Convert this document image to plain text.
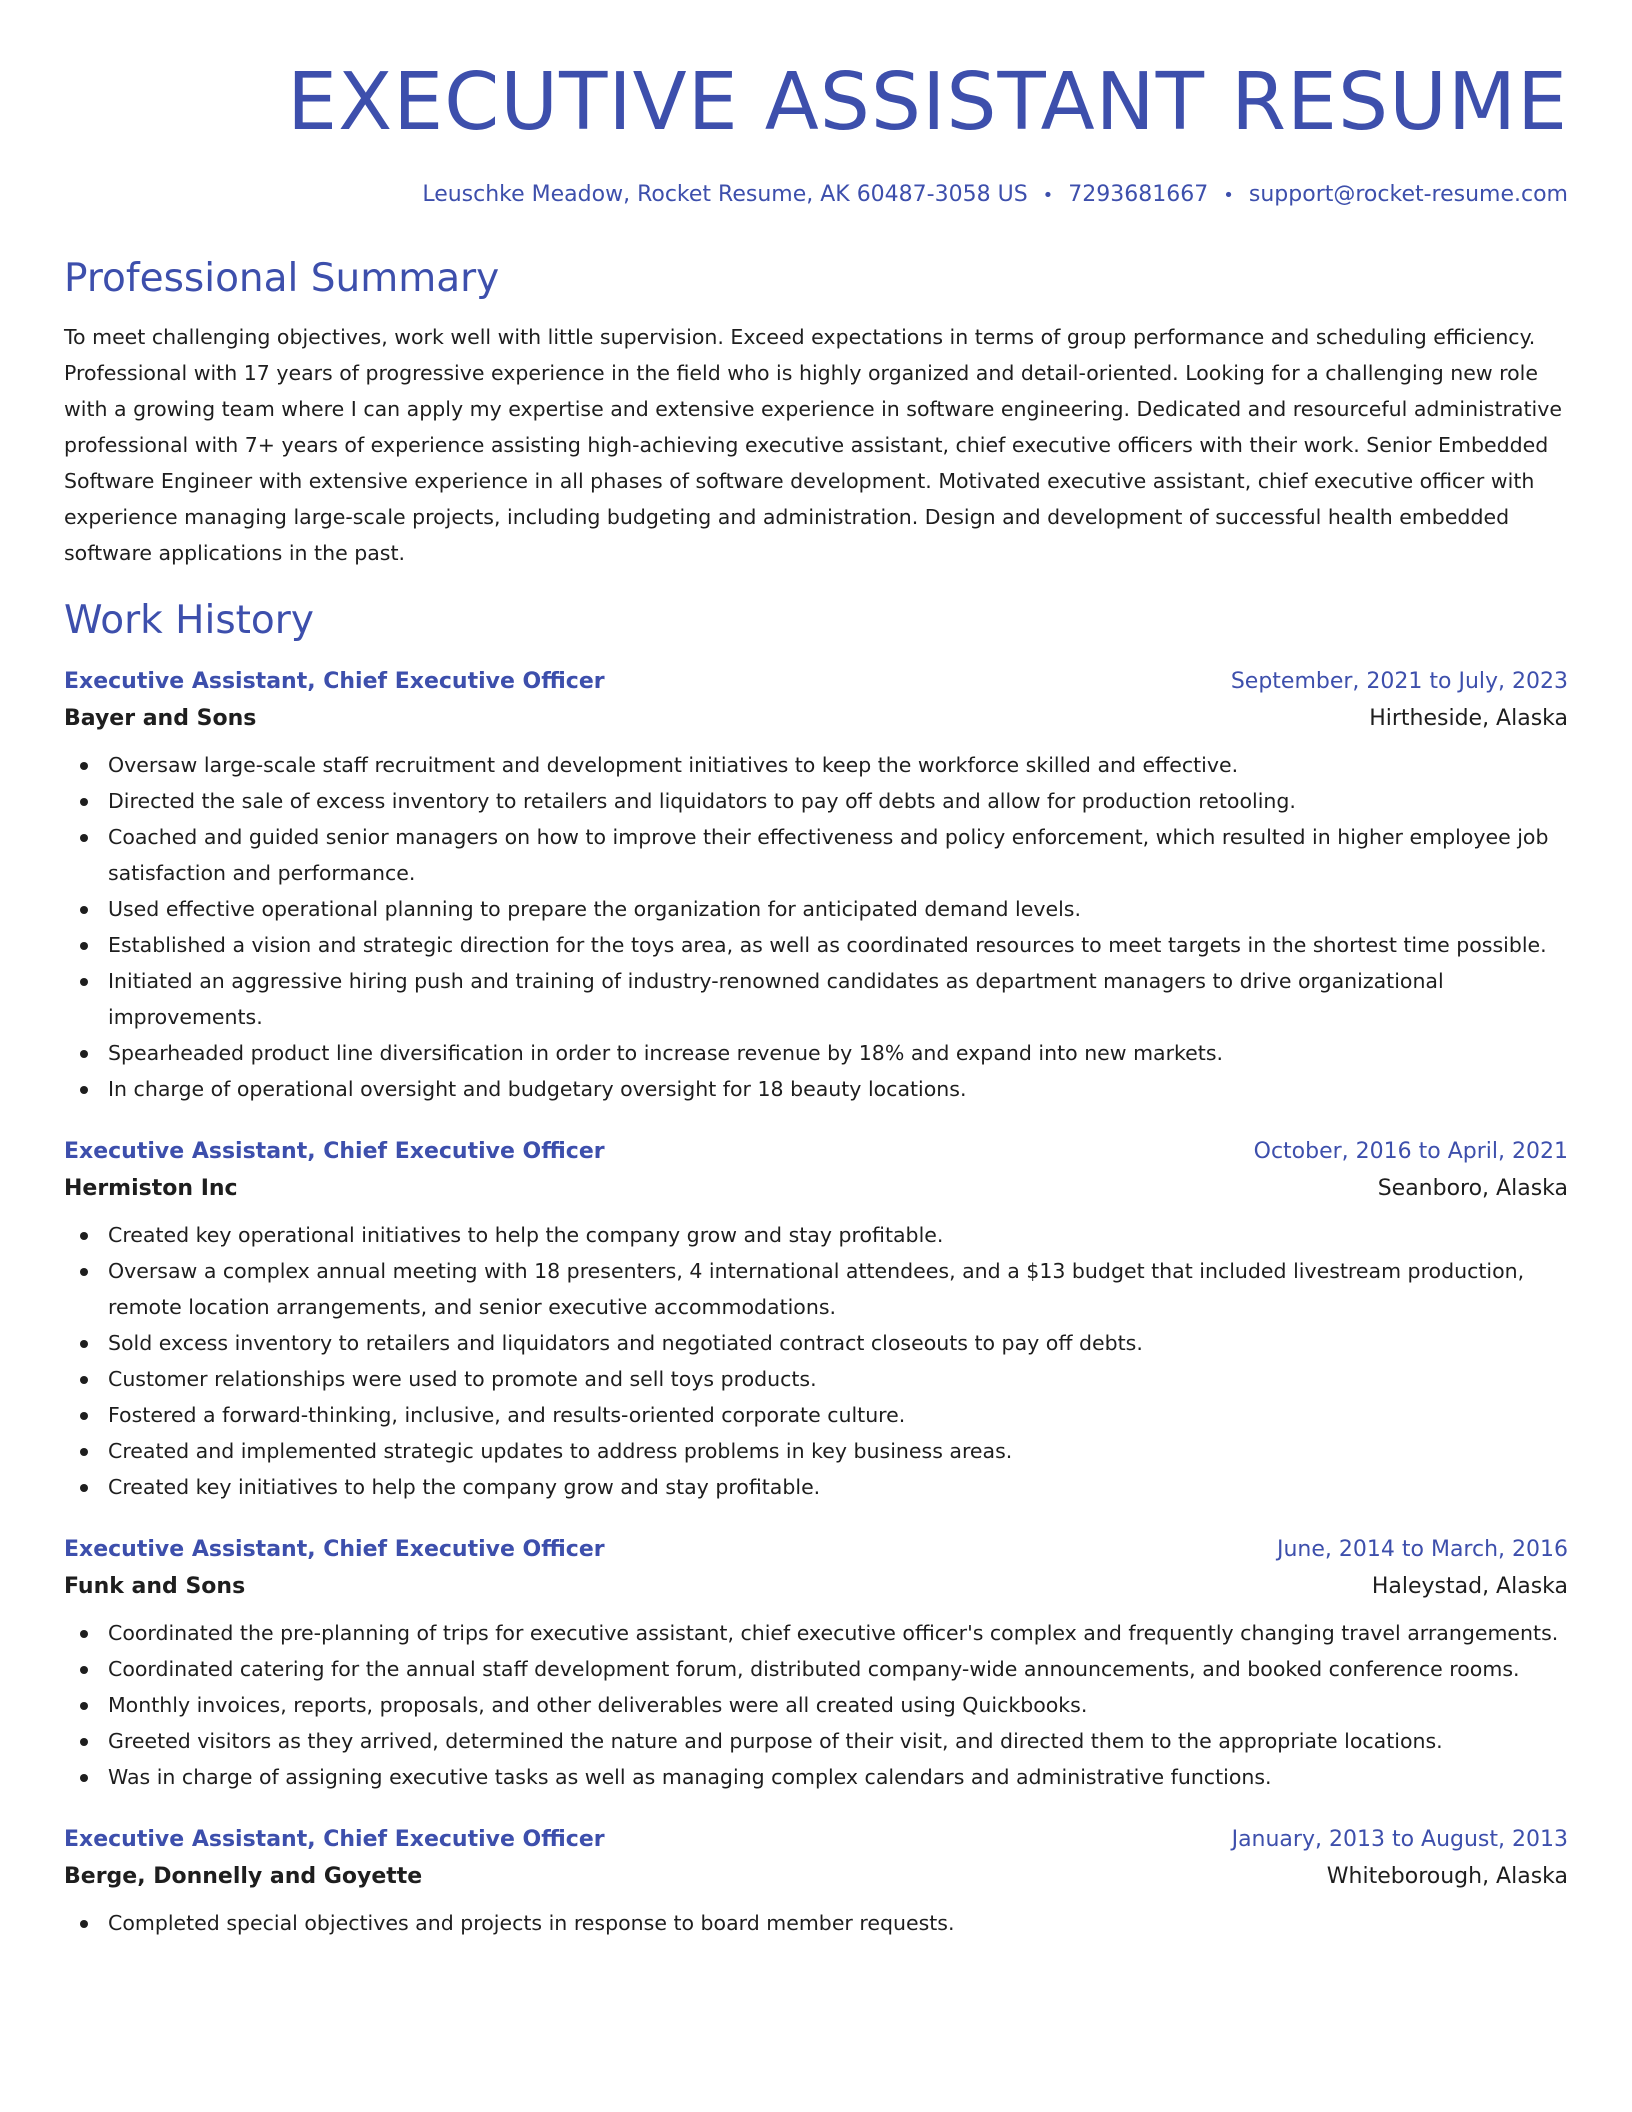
EXECUTIVE ASSISTANT RESUME
Leuschke Meadow, Rocket Resume, AK 60487-3058 US • 7293681667 • support@rocket-resume.com
Professional Summary
To meet challenging objectives, work well with little supervision. Exceed expectations in terms of group performance and scheduling efficiency. Professional with 17 years of progressive experience in the field who is highly organized and detail-oriented. Looking for a challenging new role with a growing team where I can apply my expertise and extensive experience in software engineering. Dedicated and resourceful administrative professional with 7+ years of experience assisting high-achieving executive assistant, chief executive officers with their work. Senior Embedded Software Engineer with extensive experience in all phases of software development. Motivated executive assistant, chief executive officer with experience managing large-scale projects, including budgeting and administration. Design and development of successful health embedded software applications in the past.
Work History
Executive Assistant, Chief Executive Officer	September, 2021 to July, 2023
Bayer and Sons	Hirtheside, Alaska
Oversaw large-scale staff recruitment and development initiatives to keep the workforce skilled and effective.
Directed the sale of excess inventory to retailers and liquidators to pay off debts and allow for production retooling.
Coached and guided senior managers on how to improve their effectiveness and policy enforcement, which resulted in higher employee job satisfaction and performance.
Used effective operational planning to prepare the organization for anticipated demand levels.
Established a vision and strategic direction for the toys area, as well as coordinated resources to meet targets in the shortest time possible.
Initiated an aggressive hiring push and training of industry-renowned candidates as department managers to drive organizational improvements.
Spearheaded product line diversification in order to increase revenue by 18% and expand into new markets.
In charge of operational oversight and budgetary oversight for 18 beauty locations.
Executive Assistant, Chief Executive Officer	October, 2016 to April, 2021
Hermiston Inc	Seanboro, Alaska
Created key operational initiatives to help the company grow and stay profitable.
Oversaw a complex annual meeting with 18 presenters, 4 international attendees, and a $13 budget that included livestream production, remote location arrangements, and senior executive accommodations.
Sold excess inventory to retailers and liquidators and negotiated contract closeouts to pay off debts.
Customer relationships were used to promote and sell toys products.
Fostered a forward-thinking, inclusive, and results-oriented corporate culture.
Created and implemented strategic updates to address problems in key business areas.
Created key initiatives to help the company grow and stay profitable.
Executive Assistant, Chief Executive Officer	June, 2014 to March, 2016
Funk and Sons	Haleystad, Alaska
Coordinated the pre-planning of trips for executive assistant, chief executive officer's complex and frequently changing travel arrangements.
Coordinated catering for the annual staff development forum, distributed company-wide announcements, and booked conference rooms.
Monthly invoices, reports, proposals, and other deliverables were all created using Quickbooks.
Greeted visitors as they arrived, determined the nature and purpose of their visit, and directed them to the appropriate locations.
Was in charge of assigning executive tasks as well as managing complex calendars and administrative functions.
Executive Assistant, Chief Executive Officer	January, 2013 to August, 2013
Berge, Donnelly and Goyette	Whiteborough, Alaska
Completed special objectives and projects in response to board member requests.
